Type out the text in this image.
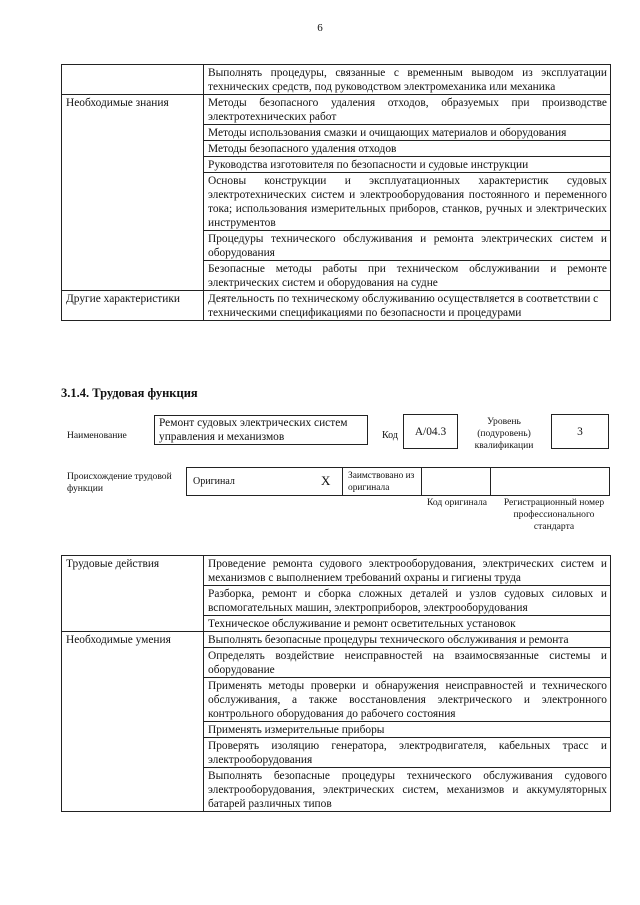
6
	Выполнять процедуры, связанные с временным выводом из эксплуатации технических средств, под руководством электромеханика или механика
Необходимые знания	Методы безопасного удаления отходов, образуемых при производстве электротехнических работ
	Методы использования смазки и очищающих материалов и оборудования
	Методы безопасного удаления отходов
	Руководства изготовителя по безопасности и судовые инструкции
	Основы конструкции и эксплуатационных характеристик судовых электротехнических систем и электрооборудования постоянного и переменного тока; использования измерительных приборов, станков, ручных и электрических инструментов
	Процедуры технического обслуживания и ремонта электрических систем и оборудования
	Безопасные методы работы при техническом обслуживании и ремонте электрических систем и оборудования на судне
Другие характеристики	Деятельность по техническому обслуживанию осуществляется в соответствии с техническими спецификациями по безопасности и процедурами
3.1.4. Трудовая функция
Наименование
Ремонт судовых электрических систем управления и механизмов	Код	A/04.3
Уровень (подуровень) квалификации
3
Происхождение трудовой функции
Оригинал	X Заимствовано из оригинала
Код оригинала	Регистрационный номер профессионального стандарта
Трудовые действия	Проведение ремонта судового электрооборудования, электрических систем и механизмов с выполнением требований охраны и гигиены труда
	Разборка, ремонт и сборка сложных деталей и узлов судовых силовых и вспомогательных машин, электроприборов, электрооборудования
	Техническое обслуживание и ремонт осветительных установок
Необходимые умения	Выполнять безопасные процедуры технического обслуживания и ремонта
	Определять воздействие неисправностей на взаимосвязанные системы и оборудование
	Применять методы проверки и обнаружения неисправностей и технического обслуживания, а также восстановления электрического и электронного контрольного оборудования до рабочего состояния
	Применять измерительные приборы
	Проверять изоляцию генератора, электродвигателя, кабельных трасс и электрооборудования
	Выполнять безопасные процедуры технического обслуживания судового электрооборудования, электрических систем, механизмов и аккумуляторных батарей различных типов
